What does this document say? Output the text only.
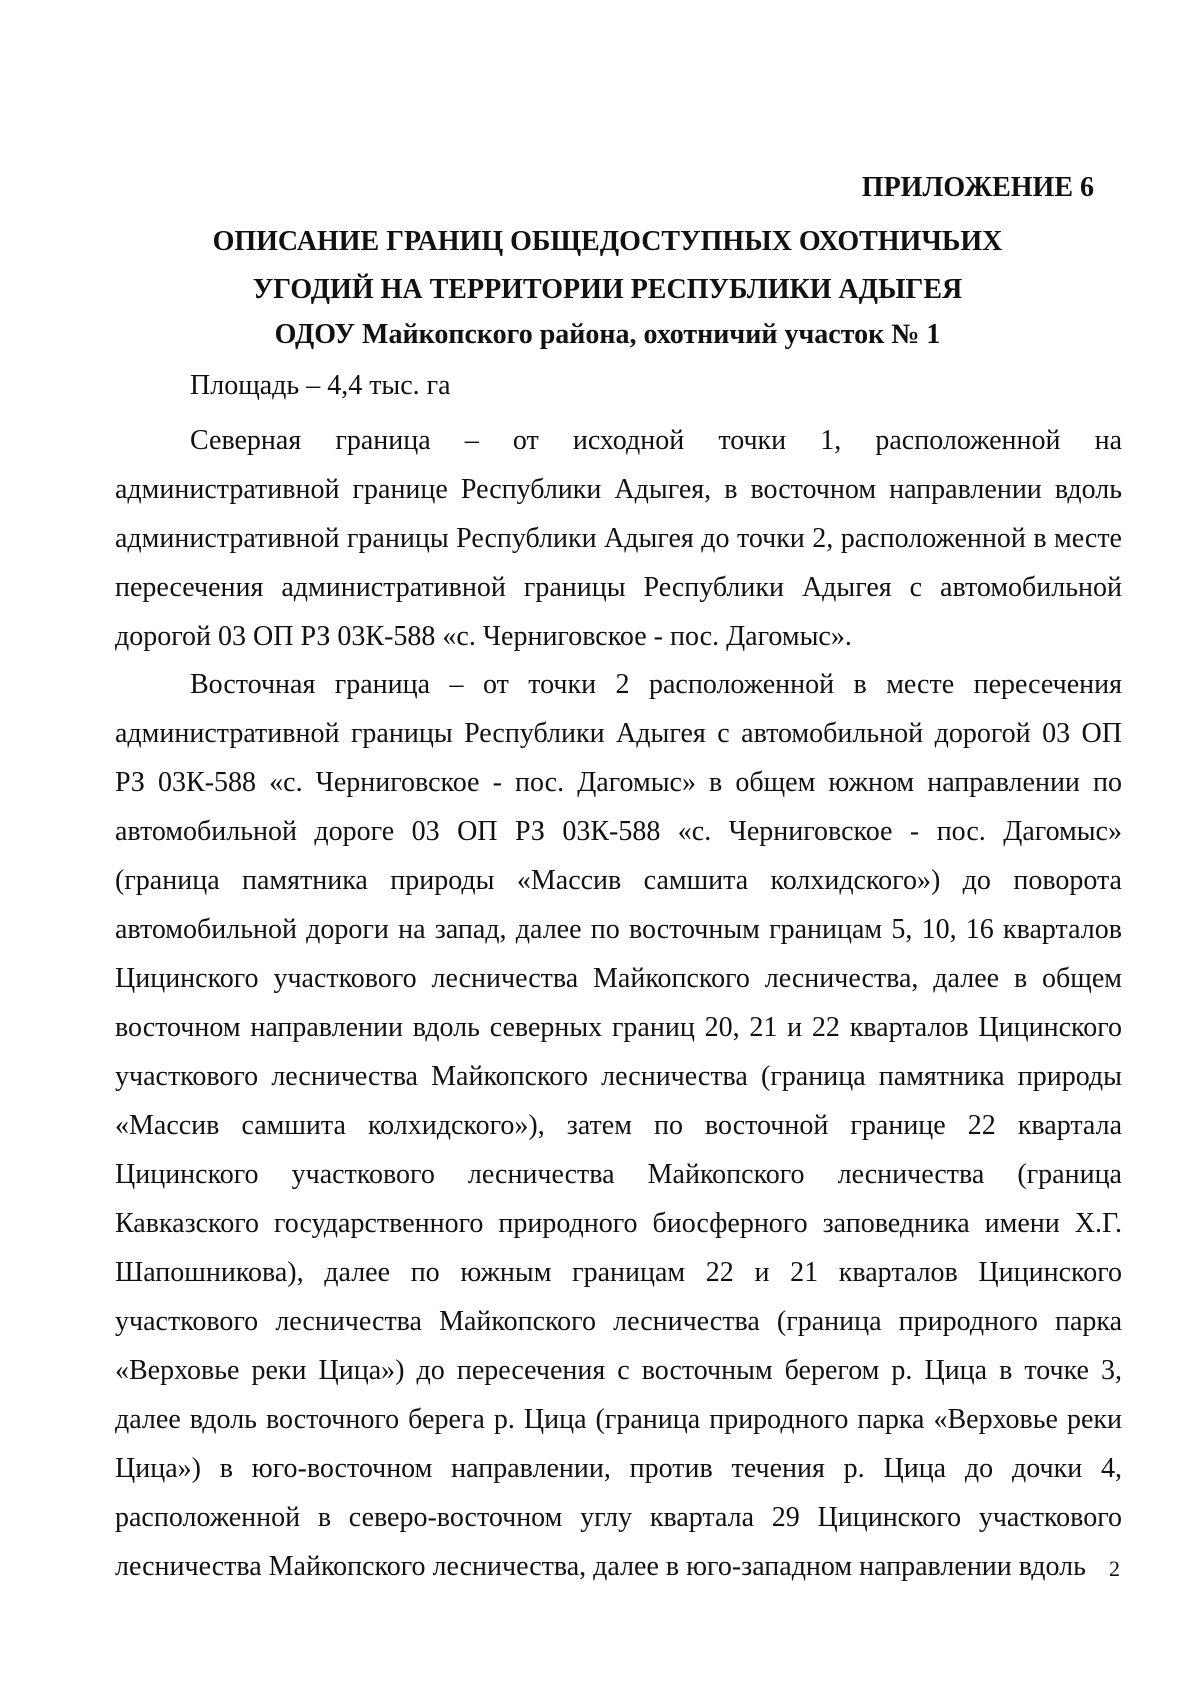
ПРИЛОЖЕНИЕ 6
ОПИСАНИЕ ГРАНИЦ ОБЩЕДОСТУПНЫХ ОХОТНИЧЬИХ
УГОДИЙ НА ТЕРРИТОРИИ РЕСПУБЛИКИ АДЫГЕЯ
ОДОУ Майкопского района, охотничий участок № 1
Площадь – 4,4 тыс. га

Северная граница – от исходной точки 1, расположенной на административной границе Республики Адыгея, в восточном направлении вдоль административной границы Республики Адыгея до точки 2, расположенной в месте пересечения административной границы Республики Адыгея с автомобильной дорогой 03 ОП РЗ 03К-588 «с. Черниговское - пос. Дагомыс».

Восточная граница – от точки 2 расположенной в месте пересечения административной границы Республики Адыгея с автомобильной дорогой 03 ОП РЗ 03К-588 «с. Черниговское - пос. Дагомыс» в общем южном направлении по автомобильной дороге 03 ОП РЗ 03К-588 «с. Черниговское - пос. Дагомыс» (граница памятника природы «Массив самшита колхидского») до поворота автомобильной дороги на запад, далее по восточным границам 5, 10, 16 кварталов Цицинского участкового лесничества Майкопского лесничества, далее в общем восточном направлении вдоль северных границ 20, 21 и 22 кварталов Цицинского участкового лесничества Майкопского лесничества (граница памятника природы «Массив самшита колхидского»), затем по восточной границе 22 квартала Цицинского участкового лесничества Майкопского лесничества (граница Кавказского государственного природного биосферного заповедника имени Х.Г. Шапошникова), далее по южным границам 22 и 21 кварталов Цицинского участкового лесничества Майкопского лесничества (граница природного парка «Верховье реки Цица») до пересечения с восточным берегом р. Цица в точке 3, далее вдоль восточного берега р. Цица (граница природного парка «Верховье реки Цица») в юго-восточном направлении, против течения р. Цица до дочки 4, расположенной в северо-восточном углу квартала 29 Цицинского участкового лесничества Майкопского лесничества, далее в юго-западном направлении вдоль	2
